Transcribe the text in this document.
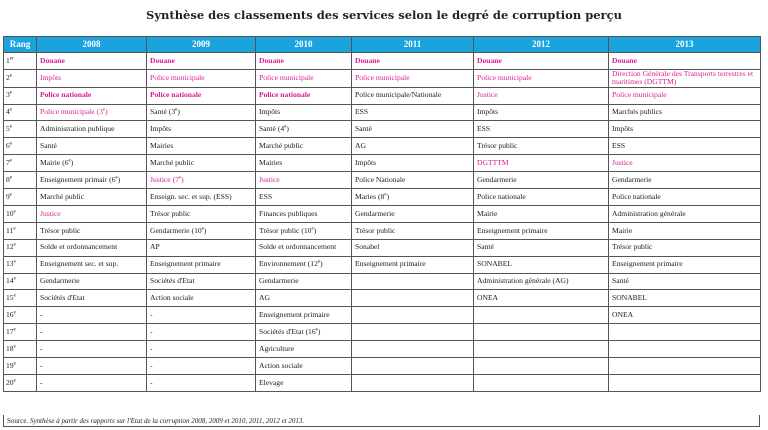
Synthèse des classements des services selon le degré de corruption perçu
Rang	2008	2009	2010	2011	2012	2013
1er	Douane	Douane	Douane	Douane	Douane	Douane
2e	Impôts	Police municipale	Police municipale	Police municipale	Police municipale	Direction Générale des Transports terrestres et maritimes (DGTTM)
3e	Police nationale	Police nationale	Police nationale	Police municipale/Nationale	Justice	Police municipale
4e	Police municipale (3e)	Santé (3e)	Impôts	ESS	Impôts	Marchés publics
5e	Administration publique	Impôts	Santé (4e)	Santé	ESS	Impôts
6e	Santé	Mairies	Marché public	AG	Trésor public	ESS
7e	Mairie (6e)	Marché public	Mairies	Impôts	DGTTTM	Justice
8e	Enseignement primair (6e)	Justice (7e)	Justice	Police Nationale	Gendarmerie	Gendarmerie
9e	Marché public	Enseign. sec. et sup. (ESS)	ESS	Maries (8e)	Police nationale	Police nationale
10e	Justice	Trésor public	Finances publiques	Gendarmerie	Mairie	Administration générale
11e	Trésor public	Gendarmerie (10e)	Trésor public (10e)	Trésor public	Enseignement primaire	Mairie
12e	Solde et ordonnancement	AP	Solde et ordonnancement	Sonabel	Santé	Trésor public
13e	Enseignement sec. et sup.	Enseignement primaire	Environnement (12e)	Enseignement primaire	SONABEL	Enseignement primaire
14e	Gendarmerie	Sociétés d'Etat	Gendarmerie		Administration générale (AG)	Santé
15e	Sociétés d'Etat	Action sociale	AG		ONEA	SONABEL
16e	-	-	Enseignement primaire			ONEA
17e	-	-	Sociétés d'Etat (16e)			
18e	-	-	Agriculture			
19e	-	-	Action sociale			
20e	-	-	Elevage			
Source. Synthèse à partir des rapports sur l'Etat de la corruption 2008, 2009 et 2010, 2011, 2012 et 2013.
